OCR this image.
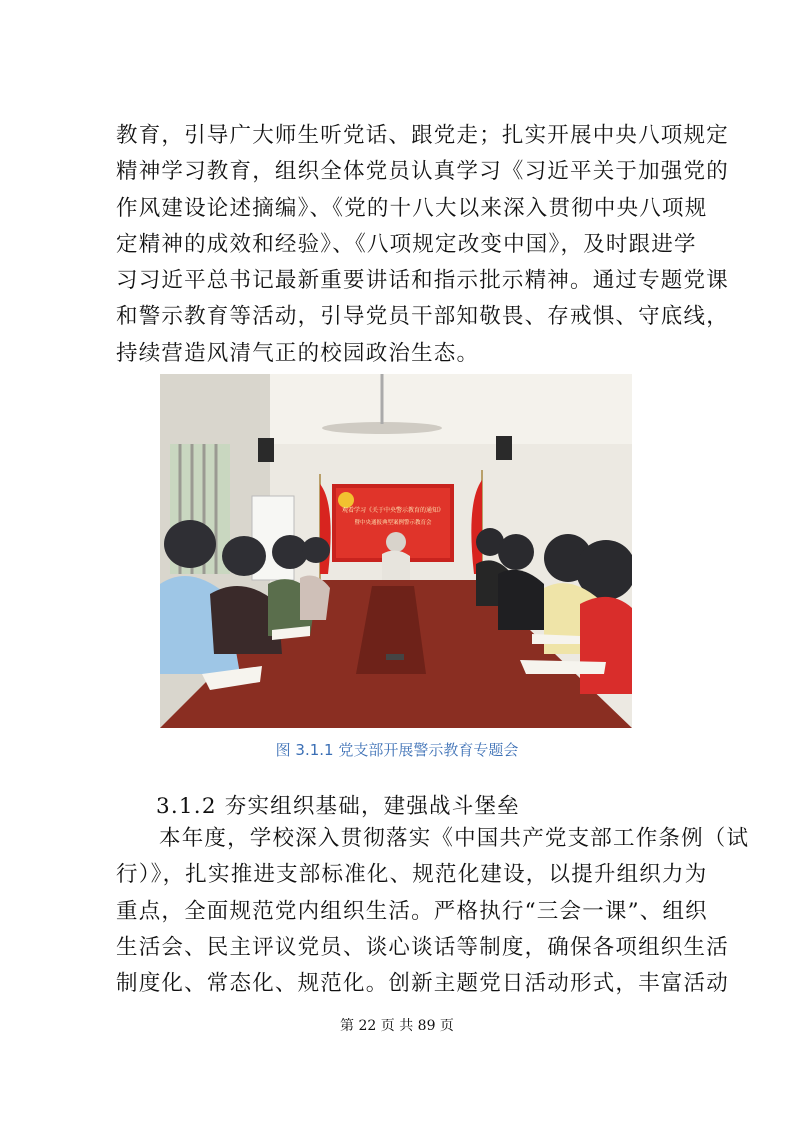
教育，引导广大师生听党话、跟党走；扎实开展中央八项规定
精神学习教育，组织全体党员认真学习《习近平关于加强党的
作风建设论述摘编》、《党的十八大以来深入贯彻中央八项规
定精神的成效和经验》、《八项规定改变中国》，及时跟进学
习习近平总书记最新重要讲话和指示批示精神。通过专题党课
和警示教育等活动，引导党员干部知敬畏、存戒惧、守底线，
持续营造风清气正的校园政治生态。
观看学习《关于中央警示教育的通知》
暨中央通报典型案例警示教育会
图 3.1.1 党支部开展警示教育专题会
3.1.2 夯实组织基础，建强战斗堡垒
本年度，学校深入贯彻落实《中国共产党支部工作条例（试
行）》，扎实推进支部标准化、规范化建设，以提升组织力为
重点，全面规范党内组织生活。严格执行“三会一课”、组织
生活会、民主评议党员、谈心谈话等制度，确保各项组织生活
制度化、常态化、规范化。创新主题党日活动形式，丰富活动
第 22 页 共 89 页
